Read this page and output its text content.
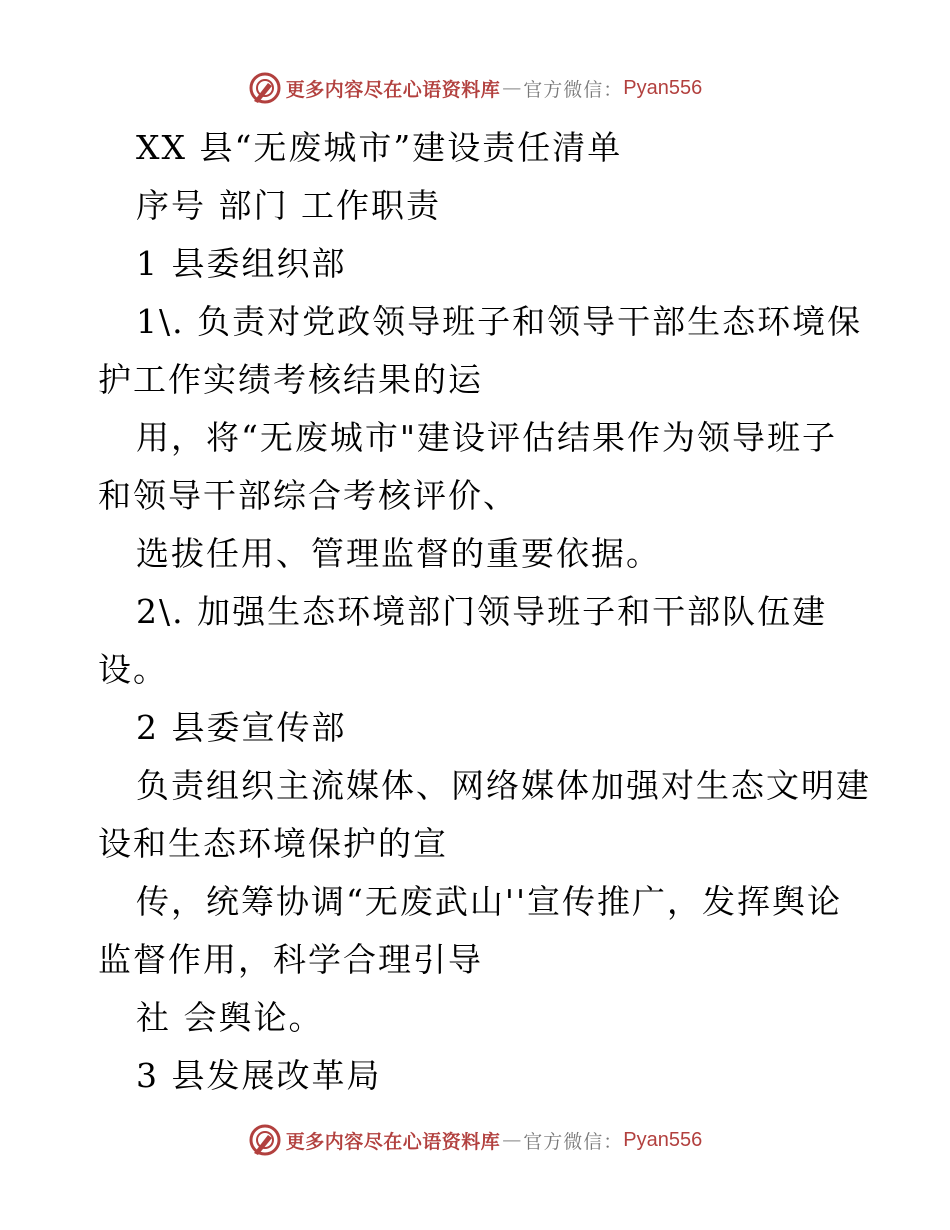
更多内容尽在心语资料库 — 官方微信： Pyan556
XX 县“无废城市”建设责任清单
序号 部门 工作职责
1 县委组织部
1\. 负责对党政领导班子和领导干部生态环境保
护工作实绩考核结果的运
用，将“无废城市"建设评估结果作为领导班子
和领导干部综合考核评价、
选拔任用、管理监督的重要依据。
2\. 加强生态环境部门领导班子和干部队伍建
设。
2 县委宣传部
负责组织主流媒体、网络媒体加强对生态文明建
设和生态环境保护的宣
传，统筹协调“无废武山''宣传推广，发挥舆论
监督作用，科学合理引导
社 会舆论。
3 县发展改革局
更多内容尽在心语资料库 — 官方微信： Pyan556
